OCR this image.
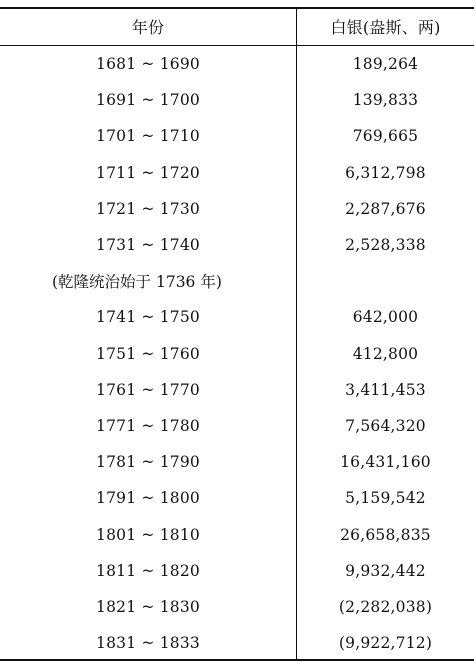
年份	白银(盎斯、两)
1681 ~ 1690	189,264
1691 ~ 1700	139,833
1701 ~ 1710	769,665
1711 ~ 1720	6,312,798
1721 ~ 1730	2,287,676
1731 ~ 1740	2,528,338
(乾隆统治始于 1736 年)
1741 ~ 1750	642,000
1751 ~ 1760	412,800
1761 ~ 1770	3,411,453
1771 ~ 1780	7,564,320
1781 ~ 1790	16,431,160
1791 ~ 1800	5,159,542
1801 ~ 1810	26,658,835
1811 ~ 1820	9,932,442
1821 ~ 1830	(2,282,038)
1831 ~ 1833	(9,922,712)
